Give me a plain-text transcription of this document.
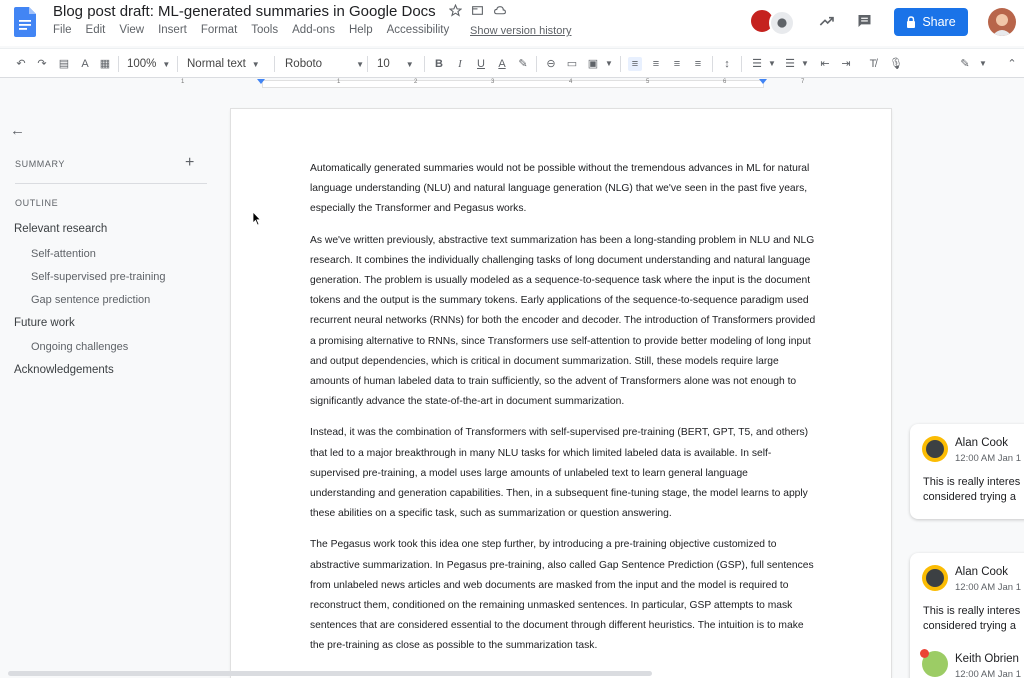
Blog post draft: ML-generated summaries in Google Docs
File Edit View Insert Format Tools Add-ons Help Accessibility Show version history
Share
↶ ↷ ▤	A	▦ 100% ▼ Normal text ▼ Roboto	▼ 10 ▼ B	I	U	A	✎ ⊖ ▭ ▣ ▼	≡	≡	≡	≡	↕	☰ ▼ ☰ ▼ ⇤ ⇥	T̸	🎙	✎	▼ ⌃
1	1	2	3	4	5	6	7
←
SUMMARY	+
OUTLINE
Relevant research
Self-attention
Self-supervised pre-training
Gap sentence prediction
Future work
Ongoing challenges
Acknowledgements

Automatically generated summaries would not be possible without the tremendous advances in ML for natural language understanding (NLU) and natural language generation (NLG) that we've seen in the past five years, especially the Transformer and Pegasus works.

As we've written previously, abstractive text summarization has been a long-standing problem in NLU and NLG research. It combines the individually challenging tasks of long document understanding and natural language generation. The problem is usually modeled as a sequence-to-sequence task where the input is the document tokens and the output is the summary tokens. Early applications of the sequence-to-sequence paradigm used recurrent neural networks (RNNs) for both the encoder and decoder. The introduction of Transformers provided a promising alternative to RNNs, since Transformers use self-attention to provide better modeling of long input and output dependencies, which is critical in document summarization. Still, these models require large amounts of human labeled data to train sufficiently, so the advent of Transformers alone was not enough to significantly advance the state-of-the-art in document summarization.

Instead, it was the combination of Transformers with self-supervised pre-training (BERT, GPT, T5, and others) that led to a major breakthrough in many NLU tasks for which limited labeled data is available. In self-supervised pre-training, a model uses large amounts of unlabeled text to learn general language understanding and generation capabilities. Then, in a subsequent fine-tuning stage, the model learns to apply these abilities on a specific task, such as summarization or question answering.

The Pegasus work took this idea one step further, by introducing a pre-training objective customized to abstractive summarization. In Pegasus pre-training, also called Gap Sentence Prediction (GSP), full sentences from unlabeled news articles and web documents are masked from the input and the model is required to reconstruct them, conditioned on the remaining unmasked sentences. In particular, GSP attempts to mask sentences that are considered essential to the document through different heuristics. The intuition is to make the pre-training as close as possible to the summarization task.

Alan Cook
12:00 AM Jan 1
This is really interes
considered trying a
Alan Cook
12:00 AM Jan 1
This is really interes
considered trying a
Keith Obrien
12:00 AM Jan 1
